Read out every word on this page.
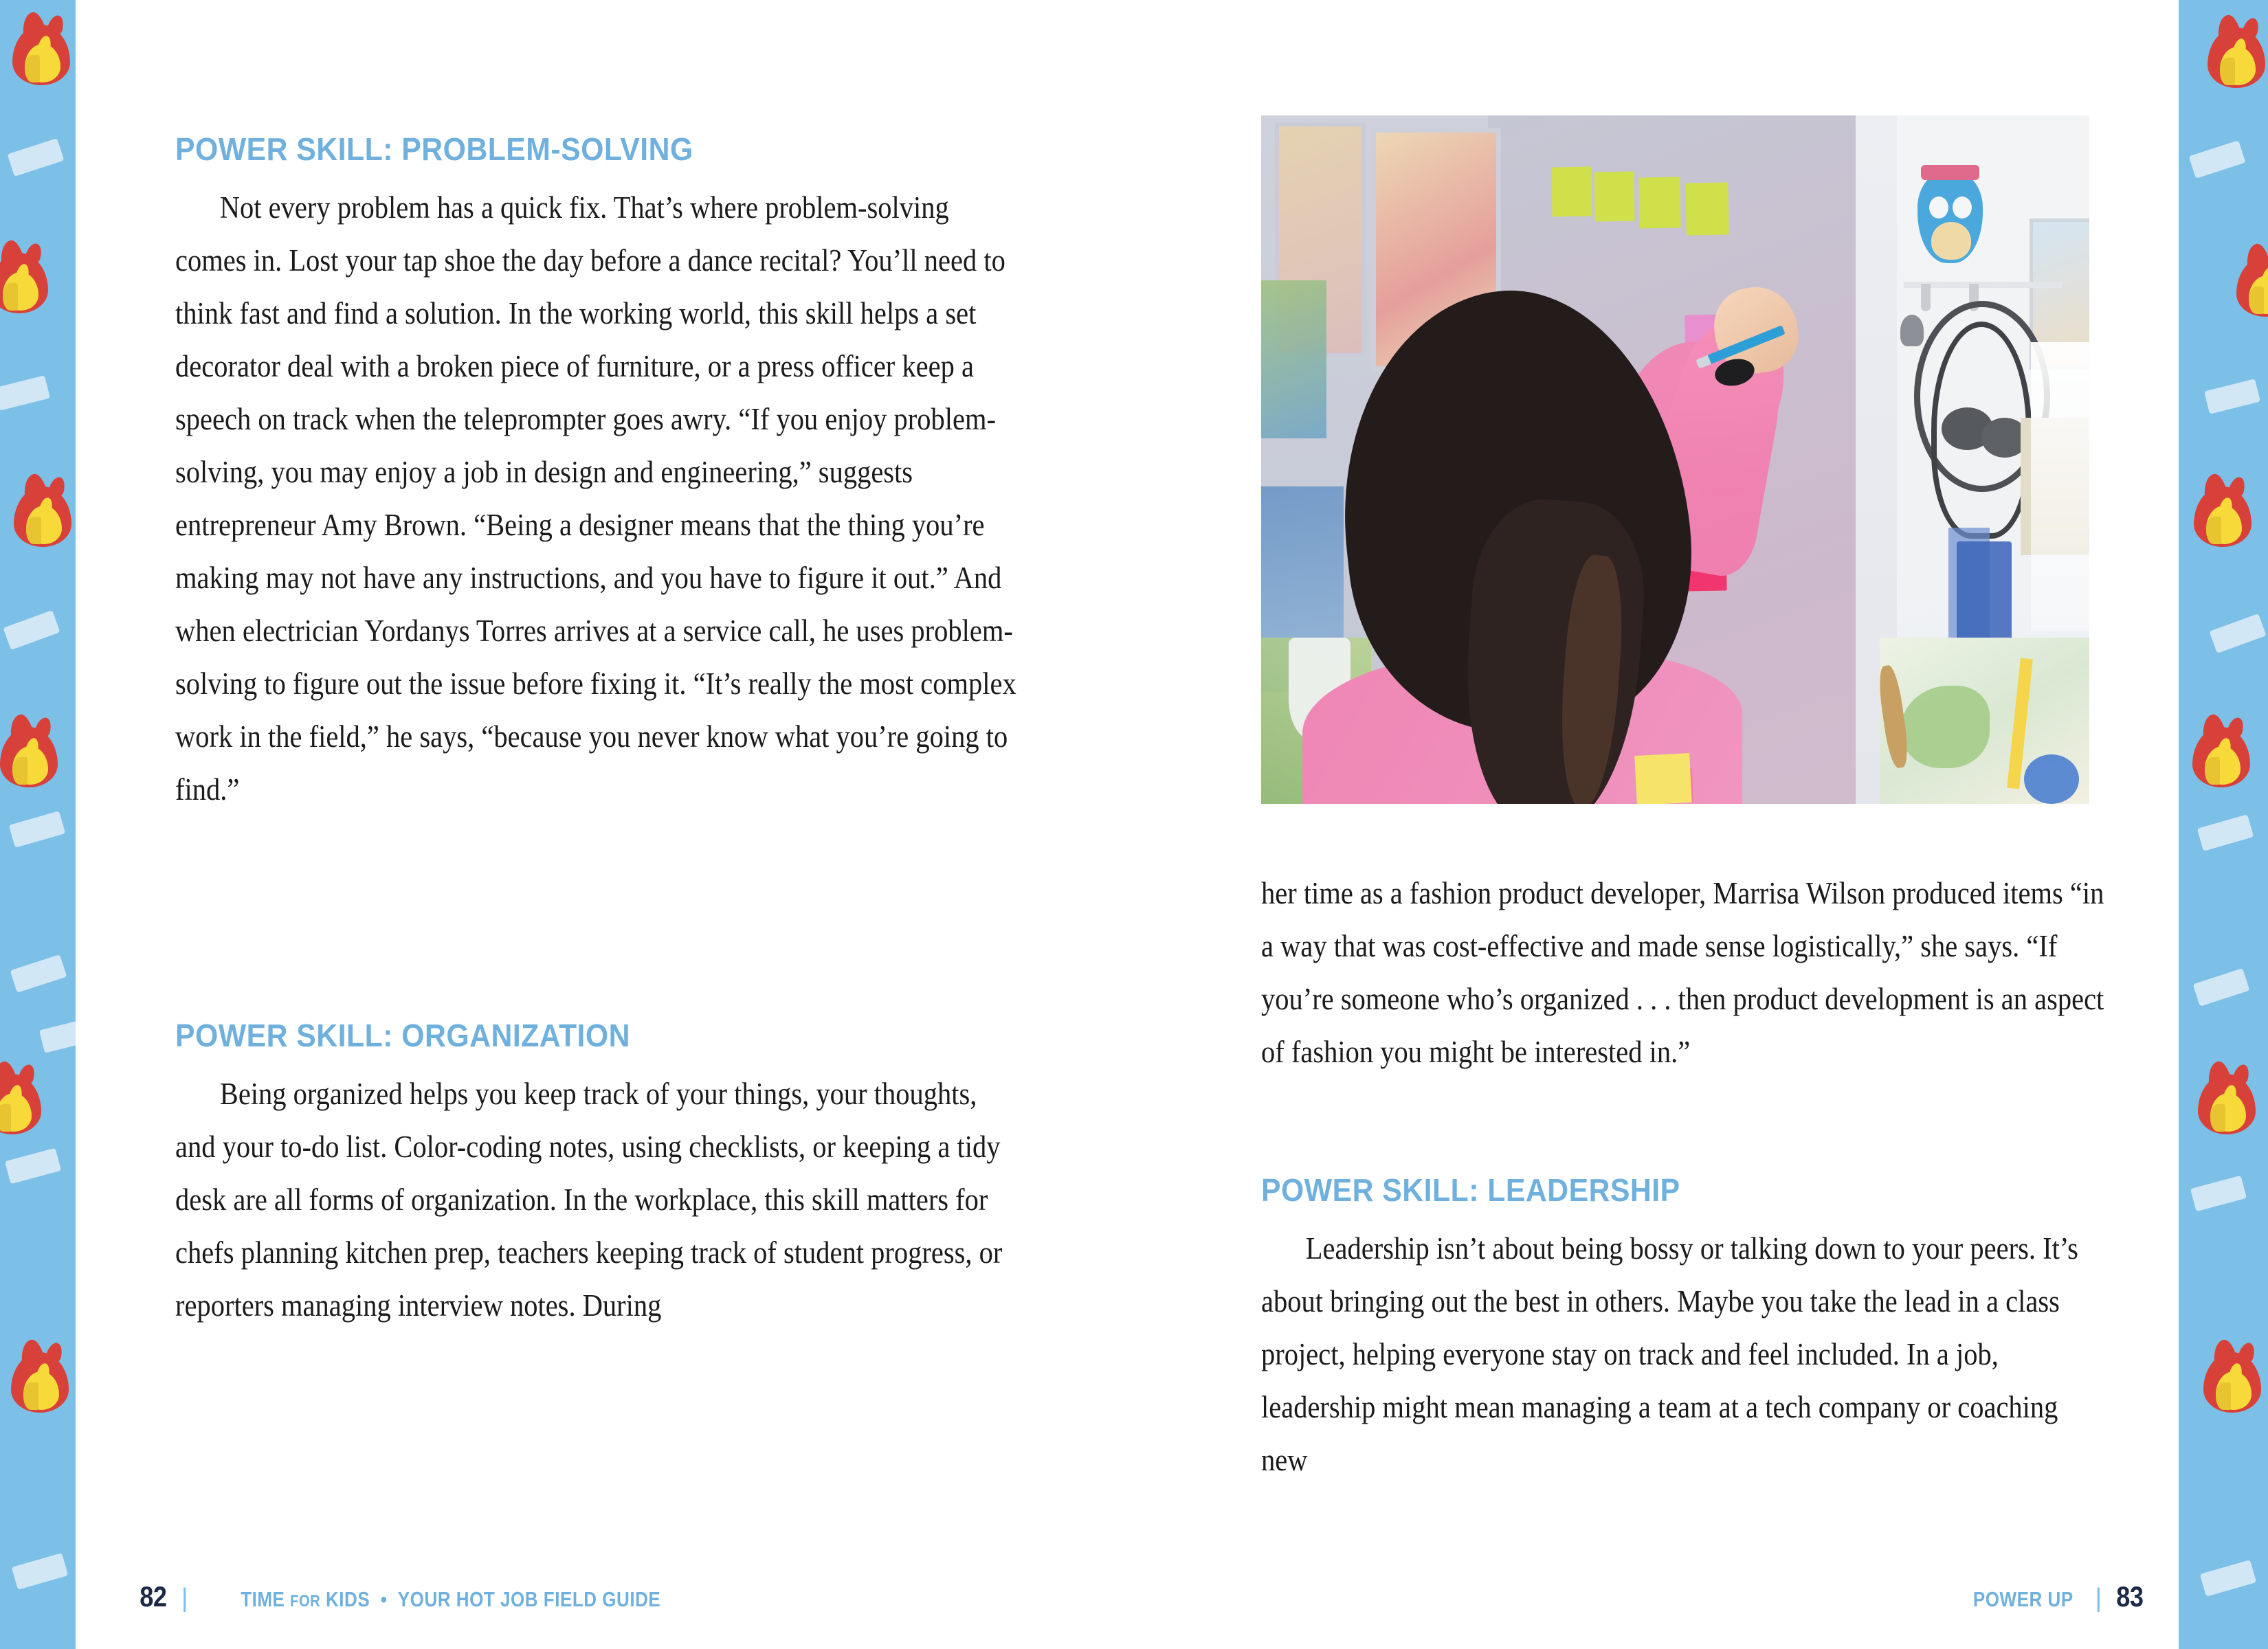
POWER SKILL: PROBLEM-SOLVING

Not every problem has a quick fix. That’s where problem-solving comes in. Lost your tap shoe the day before a dance recital? You’ll need to think fast and find a solution. In the working world, this skill helps a set decorator deal with a broken piece of furniture, or a press officer keep a speech on track when the teleprompter goes awry. “If you enjoy problem-solving, you may enjoy a job in design and engineering,” suggests entrepreneur Amy Brown. “Being a designer means that the thing you’re making may not have any instructions, and you have to figure it out.” And when electrician Yordanys Torres arrives at a service call, he uses problem-solving to figure out the issue before fixing it. “It’s really the most complex work in the field,” he says, “because you never know what you’re going to find.”

POWER SKILL: ORGANIZATION

Being organized helps you keep track of your things, your thoughts, and your to-do list. Color-coding notes, using checklists, or keeping a tidy desk are all forms of organization. In the workplace, this skill matters for chefs planning kitchen prep, teachers keeping track of student progress, or reporters managing interview notes. During

her time as a fashion product developer, Marrisa Wilson produced items “in a way that was cost-effective and made sense logistically,” she says. “If you’re someone who’s organized . . . then product development is an aspect of fashion you might be interested in.”

POWER SKILL: LEADERSHIP

Leadership isn’t about being bossy or talking down to your peers. It’s about bringing out the best in others. Maybe you take the lead in a class project, helping everyone stay on track and feel included. In a job, leadership might mean managing a team at a tech company or coaching new

82 | TIME FOR KIDS • YOUR HOT JOB FIELD GUIDE	POWER UP | 83
